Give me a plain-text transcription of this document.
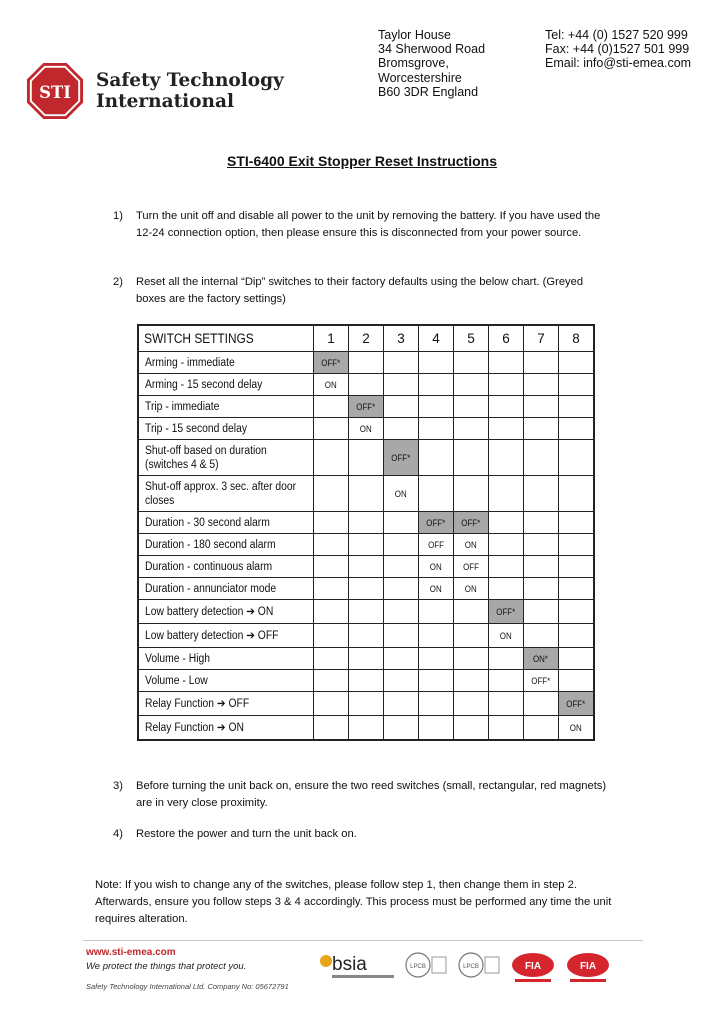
STI
Safety Technology
International
Taylor House
34 Sherwood Road
Bromsgrove,
Worcestershire
B60 3DR England
Tel: +44 (0) 1527 520 999
Fax: +44 (0)1527 501 999
Email: info@sti-emea.com
STI-6400 Exit Stopper Reset Instructions
1) Turn the unit off and disable all power to the unit by removing the battery. If you have used the 12-24 connection option, then please ensure this is disconnected from your power source.
2) Reset all the internal “Dip” switches to their factory defaults using the below chart. (Greyed boxes are the factory settings)
SWITCH SETTINGS	1	2	3	4	5	6	7	8
Arming - immediate	OFF*							
Arming - 15 second delay	ON							
Trip - immediate		OFF*						
Trip - 15 second delay		ON						
Shut-off based on duration
(switches 4 & 5)			OFF*					
Shut-off approx. 3 sec. after door
closes			ON					
Duration - 30 second alarm				OFF*	OFF*			
Duration - 180 second alarm				OFF	ON			
Duration - continuous alarm				ON	OFF			
Duration - annunciator mode				ON	ON			
Low battery detection ➔ ON						OFF*		
Low battery detection ➔ OFF						ON		
Volume - High							ON*	
Volume - Low							OFF*	
Relay Function ➔ OFF								OFF*
Relay Function ➔ ON								ON
3) Before turning the unit back on, ensure the two reed switches (small, rectangular, red magnets) are in very close proximity.
4) Restore the power and turn the unit back on.
Note: If you wish to change any of the switches, please follow step 1, then change them in step 2. Afterwards, ensure you follow steps 3 & 4 accordingly. This process must be performed any time the unit requires alteration.
www.sti-emea.com
We protect the things that protect you.
Safety Technology International Ltd. Company No: 05672791
bsia	LPCB	LPCB	FIA	FIA
